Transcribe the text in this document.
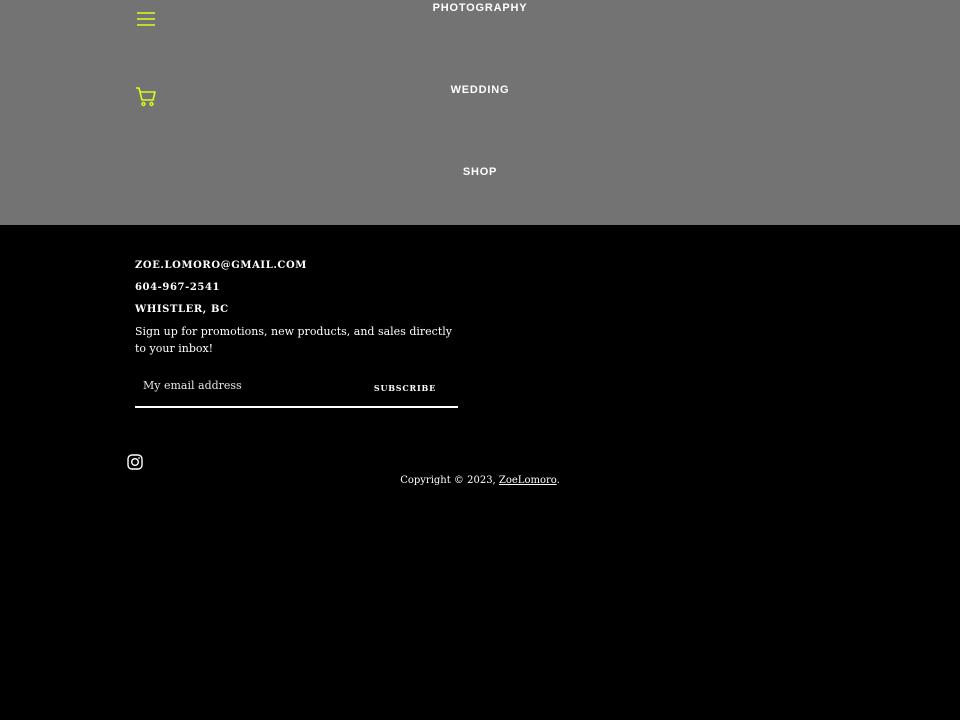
PHOTOGRAPHY
WEDDING
SHOP
ZOE.LOMORO@GMAIL.COM
604-967-2541
WHISTLER, BC
Sign up for promotions, new products, and sales directly to your inbox!
My email address
SUBSCRIBE
Copyright © 2023, ZoeLomoro.
